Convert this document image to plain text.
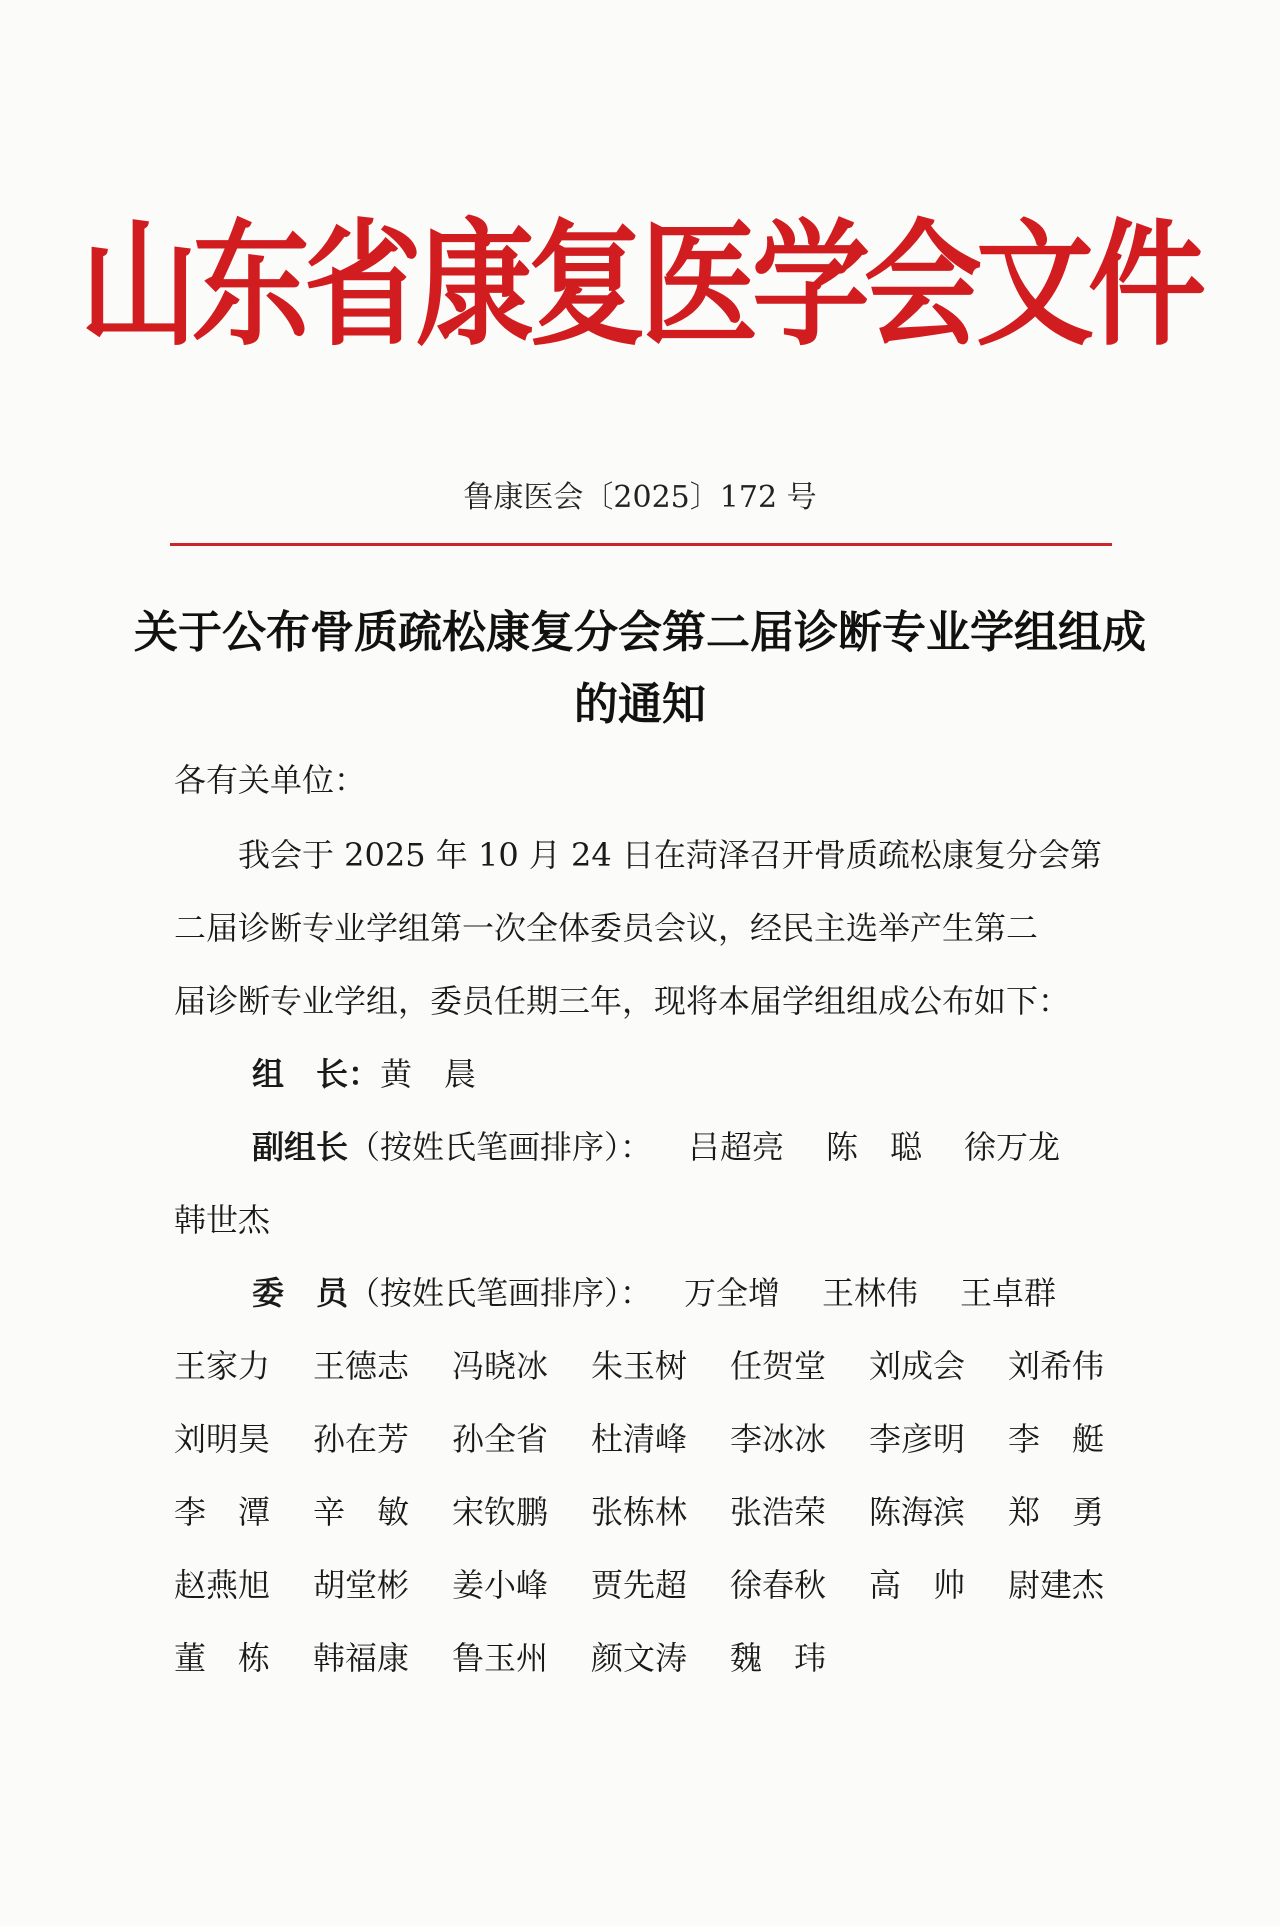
山东省康复医学会文件
鲁康医会〔2025〕172 号
关于公布骨质疏松康复分会第二届诊断专业学组组成
的通知
各有关单位：
我会于 2025 年 10 月 24 日在菏泽召开骨质疏松康复分会第
二届诊断专业学组第一次全体委员会议，经民主选举产生第二
届诊断专业学组，委员任期三年，现将本届学组组成公布如下：
组　长：黄　晨
副组长（按姓氏笔画排序）： 吕超亮	陈　聪	徐万龙
韩世杰
委　员（按姓氏笔画排序）： 万全增	王林伟	王卓群
王家力	王德志	冯晓冰	朱玉树	任贺堂	刘成会	刘希伟
刘明昊	孙在芳	孙全省	杜清峰	李冰冰	李彦明	李　艇
李　潭	辛　敏	宋钦鹏	张栋林	张浩荣	陈海滨	郑　勇
赵燕旭	胡堂彬	姜小峰	贾先超	徐春秋	高　帅	尉建杰
董　栋	韩福康	鲁玉州	颜文涛	魏　玮
